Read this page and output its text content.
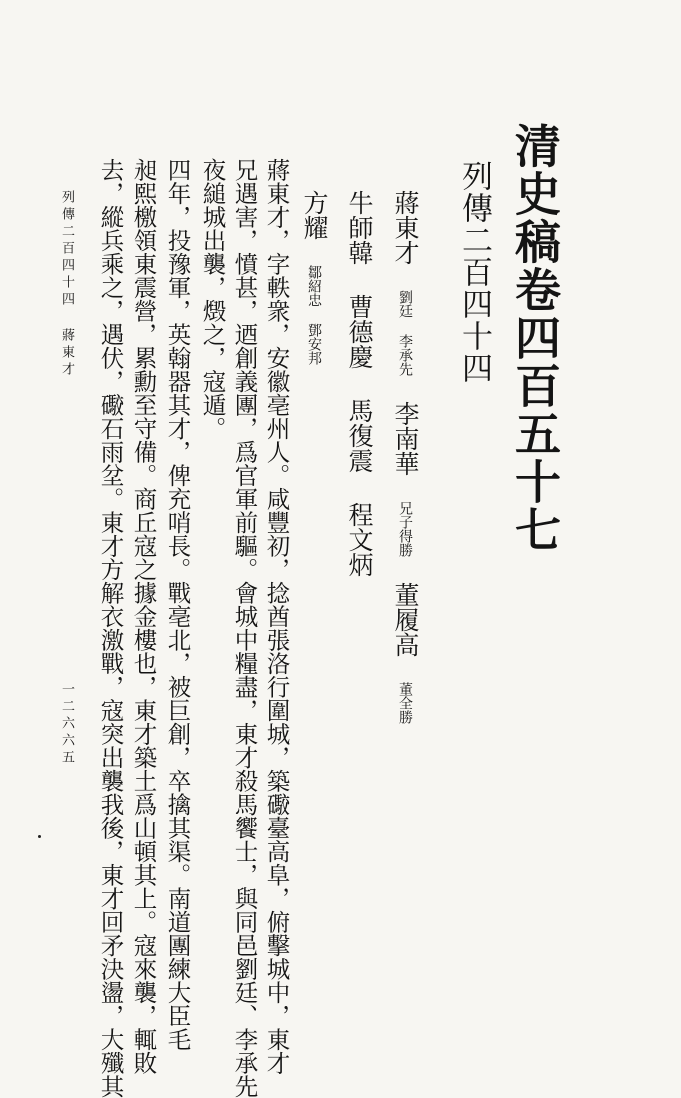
清史稿卷四百五十七
列傳二百四十四
蔣東才　劉廷 李承先　李南華　兄子得勝　董履高　董全勝
牛師韓 曹德慶 馬復震 程文炳
方耀　鄒紹忠 鄧安邦
蔣東才，字軼衆，安徽亳州人。咸豐初，捻酋張洛行圍城，築礮臺高阜，俯擊城中，東才
兄遇害，憤甚，迺創義團，爲官軍前驅。會城中糧盡，東才殺馬饗士，與同邑劉廷、李承先
夜縋城出襲，燬之，寇遁。
四年，投豫軍，英翰器其才，俾充哨長。戰亳北，被巨創，卒擒其渠。南道團練大臣毛
昶熙檄領東震營，累勳至守備。商丘寇之據金樓也，東才築土爲山頓其上。寇來襲，輒敗
去，縱兵乘之，遇伏，礮石雨坌。東才方解衣激戰，寇突出襲我後，東才回矛決盪，大殲其
列傳二百四十四 蔣東才
一二六六五
